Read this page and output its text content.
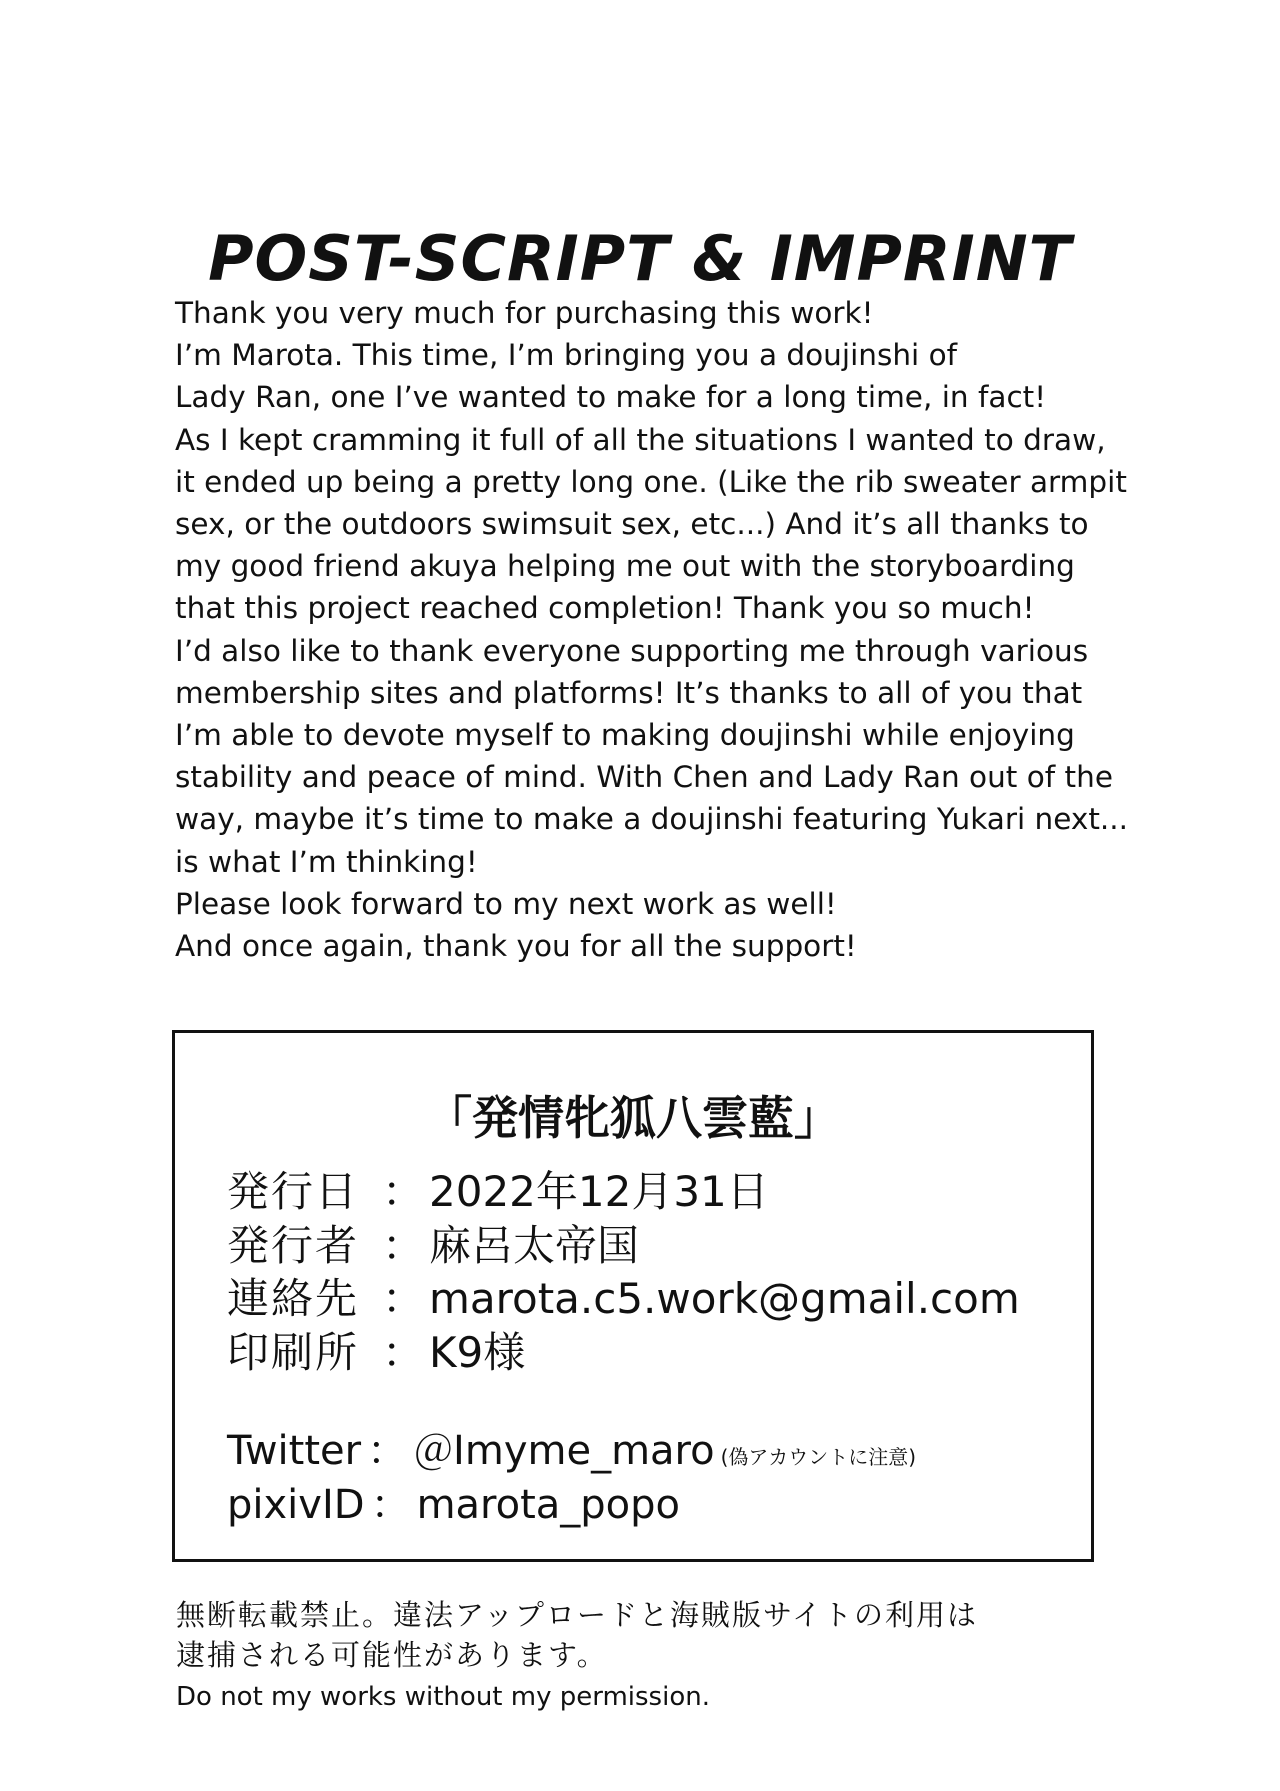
POST-SCRIPT & IMPRINT
Thank you very much for purchasing this work!
I’m Marota. This time, I’m bringing you a doujinshi of
Lady Ran, one I’ve wanted to make for a long time, in fact!
As I kept cramming it full of all the situations I wanted to draw,
it ended up being a pretty long one. (Like the rib sweater armpit
sex, or the outdoors swimsuit sex, etc...) And it’s all thanks to
my good friend akuya helping me out with the storyboarding
that this project reached completion! Thank you so much!
I’d also like to thank everyone supporting me through various
membership sites and platforms! It’s thanks to all of you that
I’m able to devote myself to making doujinshi while enjoying
stability and peace of mind. With Chen and Lady Ran out of the
way, maybe it’s time to make a doujinshi featuring Yukari next...
is what I’m thinking!
Please look forward to my next work as well!
And once again, thank you for all the support!
「発情牝狐八雲藍」
発行日 ： 2022年12月31日
発行者 ： 麻呂太帝国
連絡先 ： marota.c5.work@gmail.com
印刷所 ： K9様
Twitter ： ＠Imyme_maro (偽アカウントに注意)
pixivID ： marota_popo
無断転載禁止。違法アップロードと海賊版サイトの利用は
逮捕される可能性があります。
Do not my works without my permission.
